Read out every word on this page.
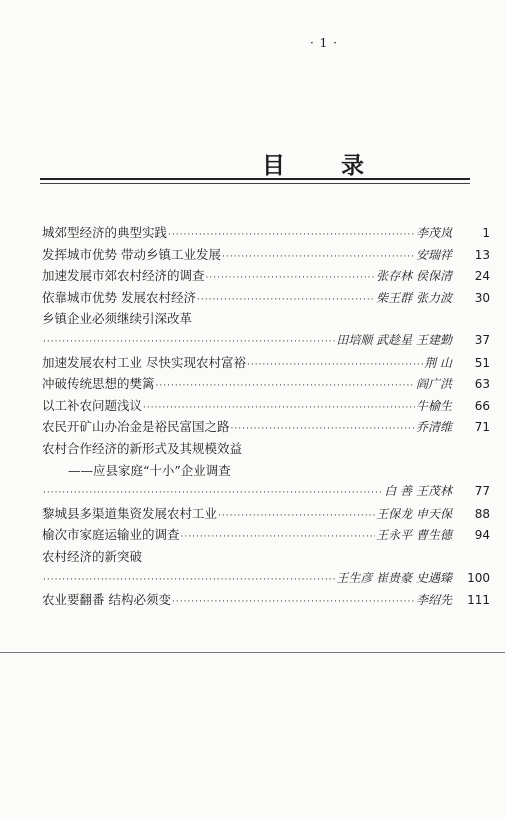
· 1 ·
目 录
城郊型经济的典型实践 ·····	李茂岚	1
发挥城市优势 带动乡镇工业发展 ·····	安瑞祥	13
加速发展市郊农村经济的调查 ·····	张存林 侯保清	24
依靠城市优势 发展农村经济 ·····	柴王群 张力波	30
乡镇企业必须继续引深改革
·····
田培顺 武趁星 王建勤	37
加速发展农村工业 尽快实现农村富裕 ·····	荆 山	51
冲破传统思想的樊篱 ·····	阎广洪	63
以工补农问题浅议 ·····	牛榆生	66
农民开矿山办冶金是裕民富国之路 ·····	乔清维	71
农村合作经济的新形式及其规模效益
——应县家庭“十小”企业调查
·····
白 善 王茂林	77
黎城县多渠道集资发展农村工业 ·····	王保龙 申天保	88
榆次市家庭运输业的调查 ·····	王永平 曹生德	94
农村经济的新突破
·····
王生彦 崔贵豪 史遇臻	100
农业要翻番 结构必须变 ·····	李绍先	111
